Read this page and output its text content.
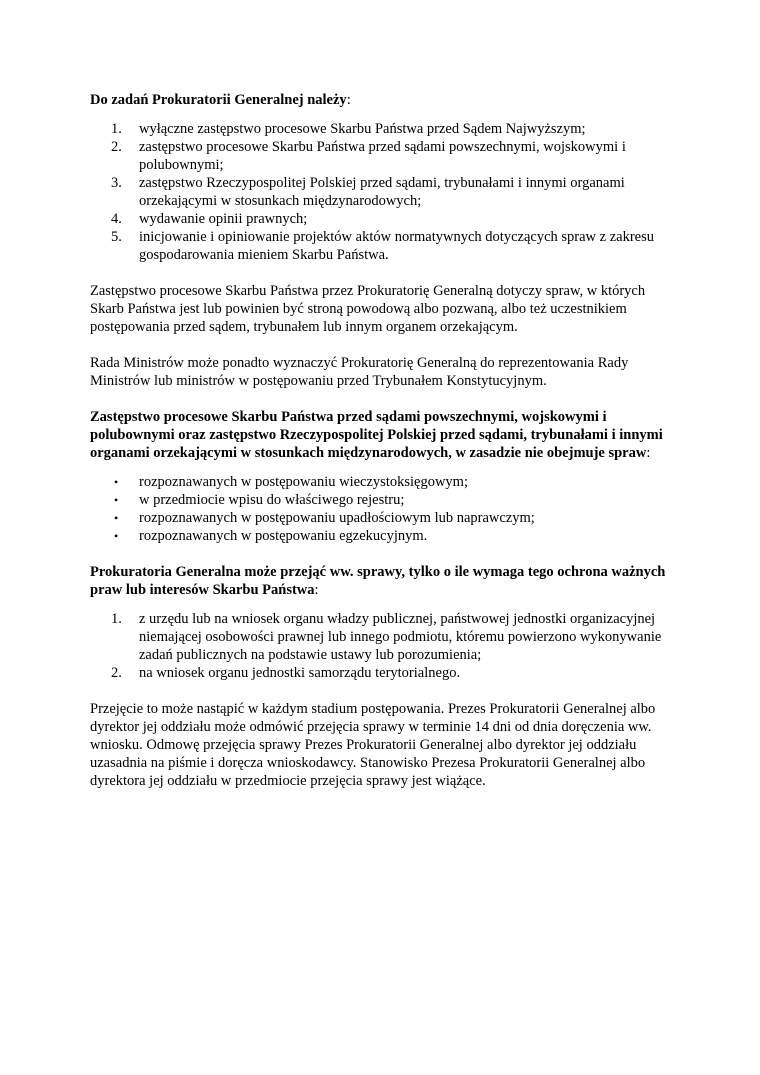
Do zadań Prokuratorii Generalnej należy:

1. wyłączne zastępstwo procesowe Skarbu Państwa przed Sądem Najwyższym;
2. zastępstwo procesowe Skarbu Państwa przed sądami powszechnymi, wojskowymi i polubownymi;
3. zastępstwo Rzeczypospolitej Polskiej przed sądami, trybunałami i innymi organami orzekającymi w stosunkach międzynarodowych;
4. wydawanie opinii prawnych;
5. inicjowanie i opiniowanie projektów aktów normatywnych dotyczących spraw z zakresu gospodarowania mieniem Skarbu Państwa.

Zastępstwo procesowe Skarbu Państwa przez Prokuratorię Generalną dotyczy spraw, w których Skarb Państwa jest lub powinien być stroną powodową albo pozwaną, albo też uczestnikiem postępowania przed sądem, trybunałem lub innym organem orzekającym.

Rada Ministrów może ponadto wyznaczyć Prokuratorię Generalną do reprezentowania Rady Ministrów lub ministrów w postępowaniu przed Trybunałem Konstytucyjnym.

Zastępstwo procesowe Skarbu Państwa przed sądami powszechnymi, wojskowymi i polubownymi oraz zastępstwo Rzeczypospolitej Polskiej przed sądami, trybunałami i innymi organami orzekającymi w stosunkach międzynarodowych, w zasadzie nie obejmuje spraw:

• rozpoznawanych w postępowaniu wieczystoksięgowym;
• w przedmiocie wpisu do właściwego rejestru;
• rozpoznawanych w postępowaniu upadłościowym lub naprawczym;
• rozpoznawanych w postępowaniu egzekucyjnym.

Prokuratoria Generalna może przejąć ww. sprawy, tylko o ile wymaga tego ochrona ważnych praw lub interesów Skarbu Państwa:

1. z urzędu lub na wniosek organu władzy publicznej, państwowej jednostki organizacyjnej niemającej osobowości prawnej lub innego podmiotu, któremu powierzono wykonywanie zadań publicznych na podstawie ustawy lub porozumienia;
2. na wniosek organu jednostki samorządu terytorialnego.

Przejęcie to może nastąpić w każdym stadium postępowania. Prezes Prokuratorii Generalnej albo dyrektor jej oddziału może odmówić przejęcia sprawy w terminie 14 dni od dnia doręczenia ww. wniosku. Odmowę przejęcia sprawy Prezes Prokuratorii Generalnej albo dyrektor jej oddziału uzasadnia na piśmie i doręcza wnioskodawcy. Stanowisko Prezesa Prokuratorii Generalnej albo dyrektora jej oddziału w przedmiocie przejęcia sprawy jest wiążące.
